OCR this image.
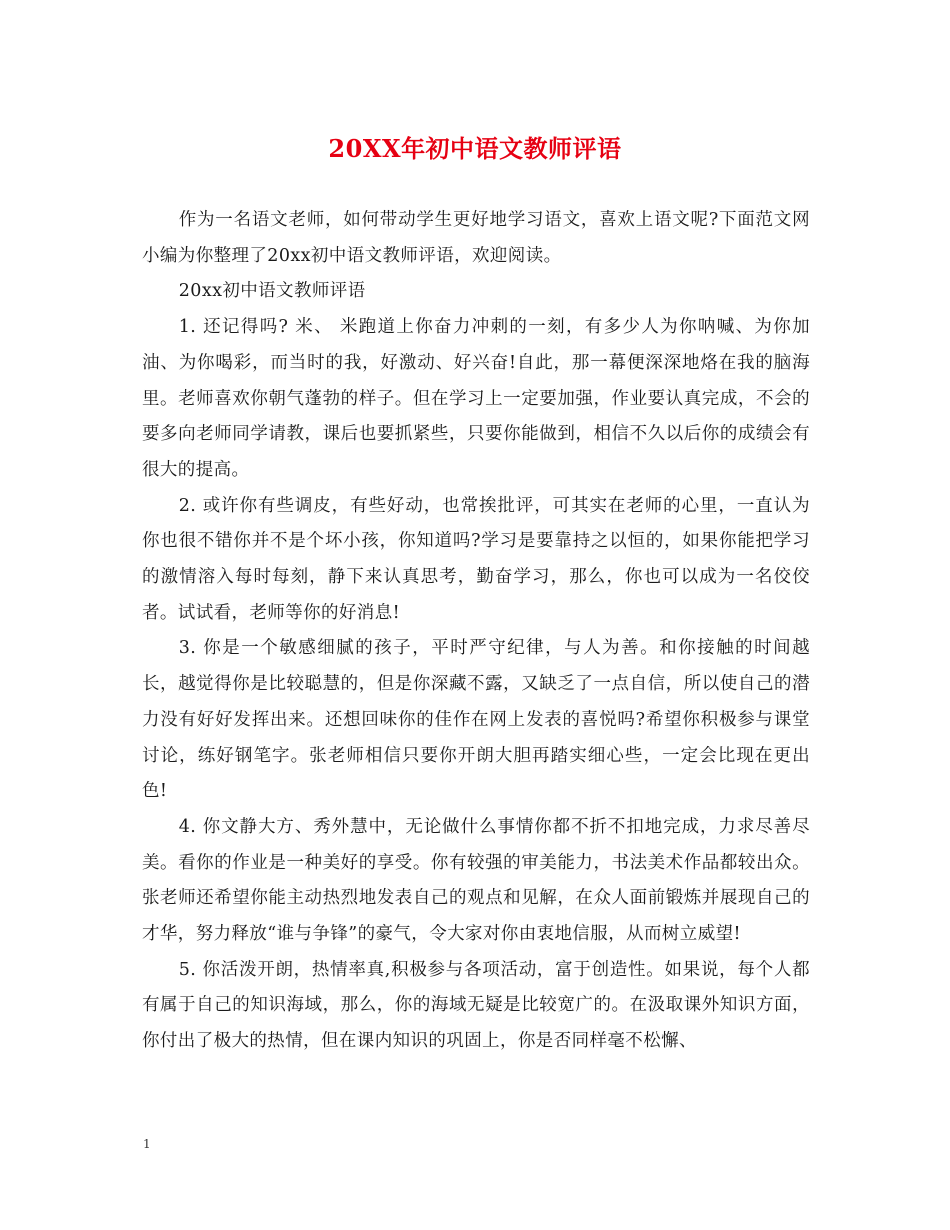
20XX年初中语文教师评语

作为一名语文老师，如何带动学生更好地学习语文，喜欢上语文呢?下面范文网小编为你整理了20xx初中语文教师评语，欢迎阅读。

20xx初中语文教师评语

1. 还记得吗? 米、 米跑道上你奋力冲刺的一刻，有多少人为你呐喊、为你加油、为你喝彩，而当时的我，好激动、好兴奋!自此，那一幕便深深地烙在我的脑海里。老师喜欢你朝气蓬勃的样子。但在学习上一定要加强，作业要认真完成，不会的要多向老师同学请教，课后也要抓紧些，只要你能做到，相信不久以后你的成绩会有很大的提高。

2. 或许你有些调皮，有些好动，也常挨批评，可其实在老师的心里，一直认为你也很不错你并不是个坏小孩，你知道吗?学习是要靠持之以恒的，如果你能把学习的激情溶入每时每刻，静下来认真思考，勤奋学习，那么，你也可以成为一名佼佼者。试试看，老师等你的好消息!

3. 你是一个敏感细腻的孩子，平时严守纪律，与人为善。和你接触的时间越长，越觉得你是比较聪慧的，但是你深藏不露，又缺乏了一点自信，所以使自己的潜力没有好好发挥出来。还想回味你的佳作在网上发表的喜悦吗?希望你积极参与课堂讨论，练好钢笔字。张老师相信只要你开朗大胆再踏实细心些，一定会比现在更出色!

4. 你文静大方、秀外慧中，无论做什么事情你都不折不扣地完成，力求尽善尽美。看你的作业是一种美好的享受。你有较强的审美能力，书法美术作品都较出众。张老师还希望你能主动热烈地发表自己的观点和见解，在众人面前锻炼并展现自己的才华，努力释放“谁与争锋”的豪气，令大家对你由衷地信服，从而树立威望!

5. 你活泼开朗，热情率真,积极参与各项活动，富于创造性。如果说，每个人都有属于自己的知识海域，那么，你的海域无疑是比较宽广的。在汲取课外知识方面，你付出了极大的热情，但在课内知识的巩固上，你是否同样毫不松懈、

1
